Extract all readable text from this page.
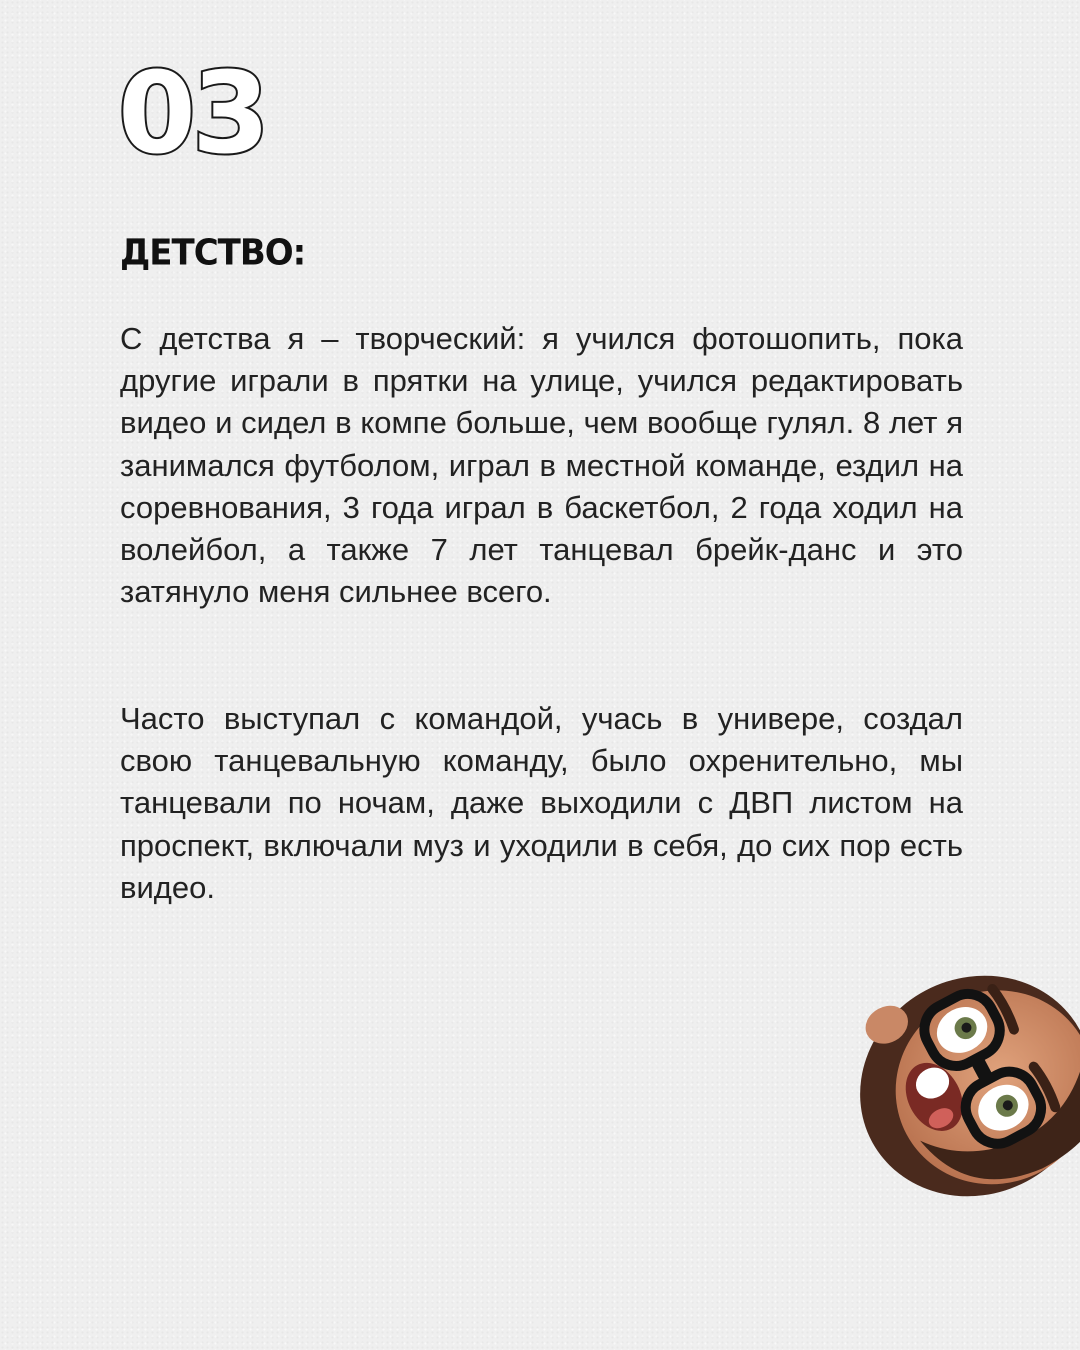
03
ДЕТСТВО:

С детства я – творческий: я учился фотошопить, пока другие играли в прятки на улице, учился редактировать видео и сидел в компе больше, чем вообще гулял. 8 лет я занимался футболом, играл в местной команде, ездил на соревнования, 3 года играл в баскетбол, 2 года ходил на волейбол, а также 7 лет танцевал брейк-данс и это затянуло меня сильнее всего.

Часто выступал с командой, учась в универе, создал свою танцевальную команду, было охренительно, мы танцевали по ночам, даже выходили с ДВП листом на проспект, включали муз и уходили в себя, до сих пор есть видео.
